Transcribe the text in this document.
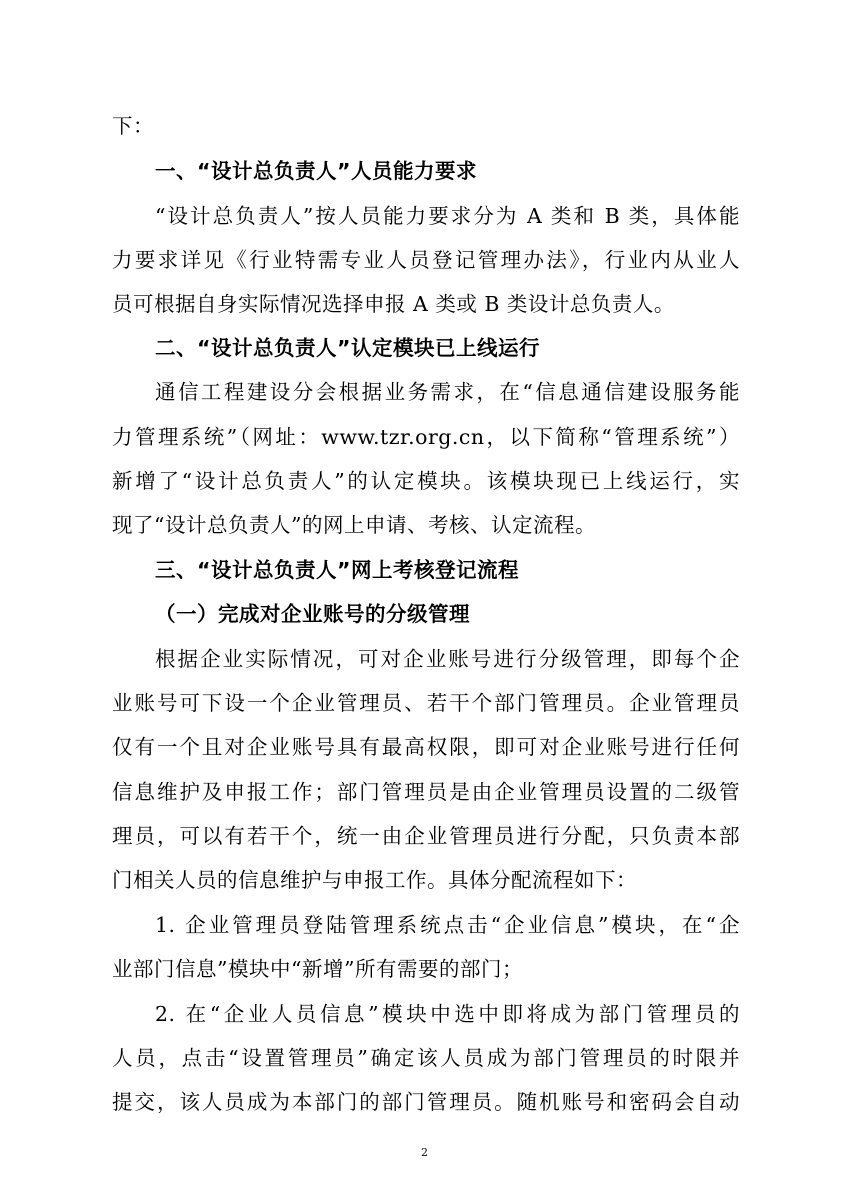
下：
一、“设计总负责人”人员能力要求
“设计总负责人”按人员能力要求分为 A 类和 B 类，具体能
力要求详见《行业特需专业人员登记管理办法》，行业内从业人
员可根据自身实际情况选择申报 A 类或 B 类设计总负责人。
二、“设计总负责人”认定模块已上线运行
通信工程建设分会根据业务需求，在“信息通信建设服务能
力管理系统”（网址：www.tzr.org.cn，以下简称“管理系统”）
新增了“设计总负责人”的认定模块。该模块现已上线运行，实
现了“设计总负责人”的网上申请、考核、认定流程。
三、“设计总负责人”网上考核登记流程
（一）完成对企业账号的分级管理
根据企业实际情况，可对企业账号进行分级管理，即每个企
业账号可下设一个企业管理员、若干个部门管理员。企业管理员
仅有一个且对企业账号具有最高权限，即可对企业账号进行任何
信息维护及申报工作；部门管理员是由企业管理员设置的二级管
理员，可以有若干个，统一由企业管理员进行分配，只负责本部
门相关人员的信息维护与申报工作。具体分配流程如下：
1. 企业管理员登陆管理系统点击“企业信息”模块，在“企
业部门信息”模块中“新增”所有需要的部门；
2. 在“企业人员信息”模块中选中即将成为部门管理员的
人员，点击“设置管理员”确定该人员成为部门管理员的时限并
提交，该人员成为本部门的部门管理员。随机账号和密码会自动
2
